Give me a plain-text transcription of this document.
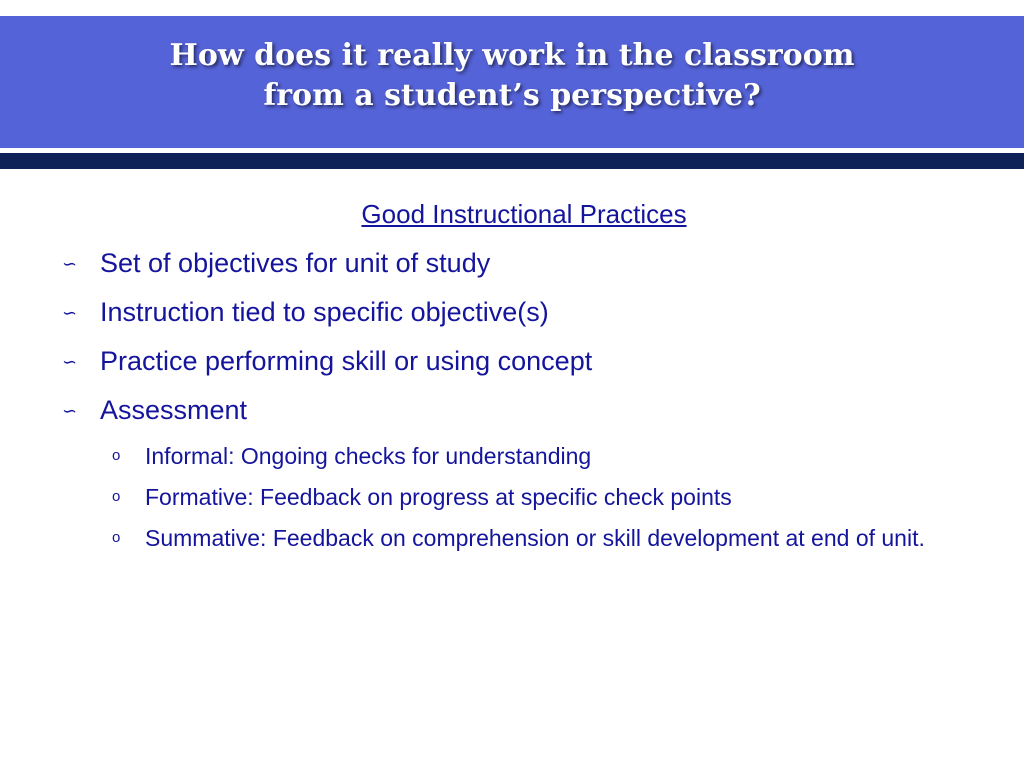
How does it really work in the classroom
from a student’s perspective?

Good Instructional Practices

∽ Set of objectives for unit of study
∽ Instruction tied to specific objective(s)
∽ Practice performing skill or using concept
∽ Assessment
o Informal: Ongoing checks for understanding
o Formative: Feedback on progress at specific check points
o Summative: Feedback on comprehension or skill development at end of unit.
